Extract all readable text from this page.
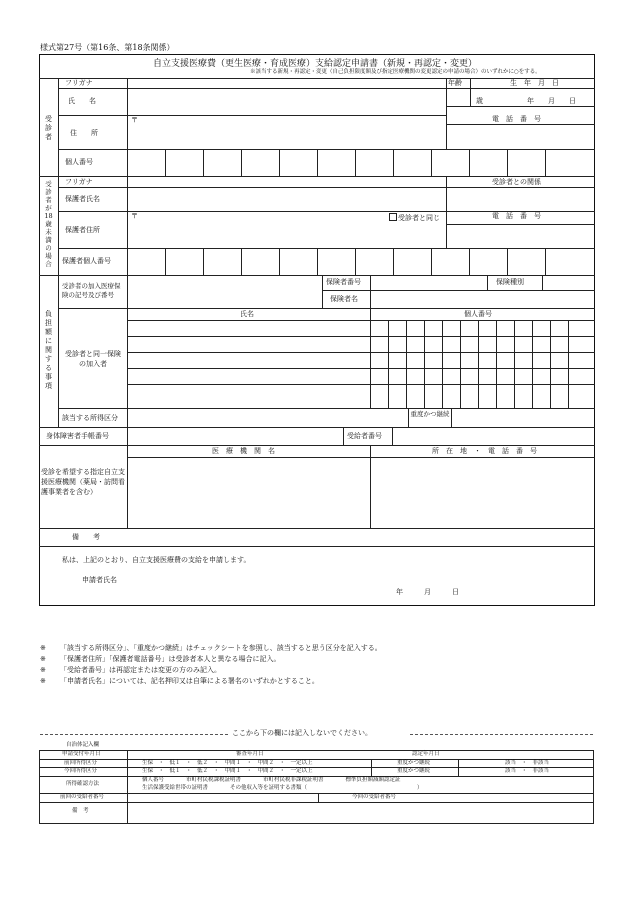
様式第27号（第16条、第18条関係）
自立支援医療費（更生医療・育成医療）支給認定申請書（新規・再認定・変更）
※該当する新規・再認定・変更（自己負担限度額及び指定医療機関の変更認定の申請の場合）のいずれかに○をする。
受診者
受診者が18歳未満の場合
負担額に関する事項
フリガナ	年齢	生　年　月　日
氏　　名	歳	年　　月　　日
〒
住　　所
電　話　番　号
個人番号
フリガナ	受診者との関係
保護者氏名
〒	受診者と同じ	電　話　番　号
保護者住所
保護者個人番号
受診者の加入医療保険の記号及び番号
保険者番号	保険種別
保険者名
氏名	個人番号
受診者と同一保険の加入者
該当する所得区分	重度かつ継続
身体障害者手帳番号	受給者番号
医　療　機　関　名	所　在　地　・　電　話　番　号
受診を希望する指定自立支援医療機関（薬局・訪問看護事業者を含む）
備　　考
私は、上記のとおり、自立支援医療費の支給を申請します。
申請者氏名
年　　　月　　　日
※ 「該当する所得区分」、「重度かつ継続」はチェックシートを参照し、該当すると思う区分を記入する。
※ 「保護者住所」「保護者電話番号」は受診者本人と異なる場合に記入。
※ 「受給者番号」は再認定または変更の方のみ記入。
※ 「申請者氏名」については、記名押印又は自筆による署名のいずれかとすること。
ここから下の欄には記入しないでください。
自治体記入欄
申請受付年月日	審査年月日	認定年月日
前回所得区分	生保　・　低１　・　低２　・　中間１　・　中間２　・　一定以上	重度かつ継続	該当　・　非該当
今回所得区分	生保　・　低１　・　低２　・　中間１　・　中間２　・　一定以上	重度かつ継続	該当　・　非該当
所得確認方法
個人番号　　　　市町村民税課税証明書　　　　市町村民税非課税証明書　　　　標準負担額減額認定証
生活保護受給世帯の証明書　　　　その他収入等を証明する書類（　　　　　　　　　　　　　　　　　　　　）
前回の受給者番号	今回の受給者番号
備　考
